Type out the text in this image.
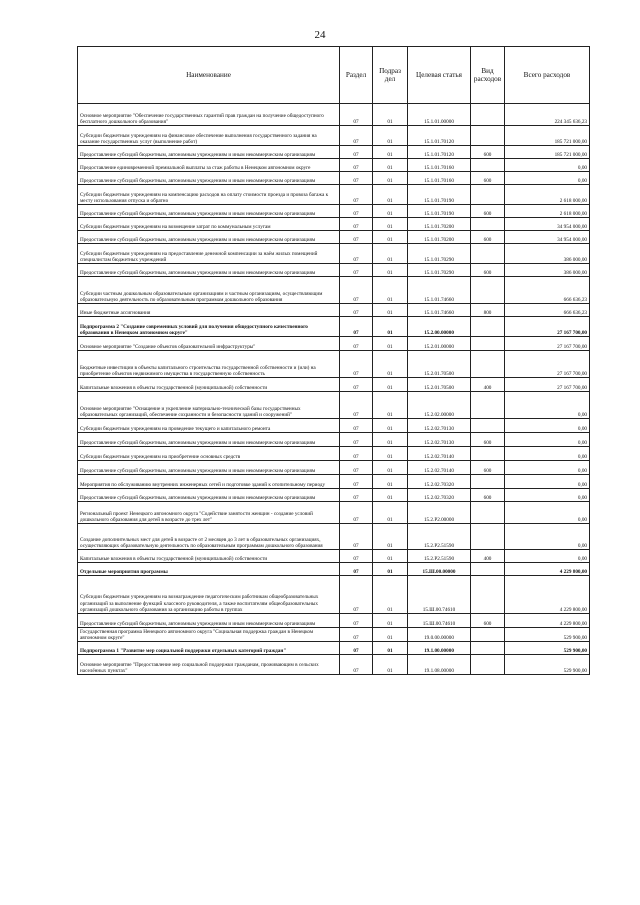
24
Наименование	Раздел	Подраз дел	Целевая статья	Вид расходов	Всего расходов
Основное мероприятие "Обеспечение государственных гарантий прав граждан на получение общедоступного бесплатного дошкольного образования"	07	01	15.1.01.00000		224 345 636,23
Субсидии бюджетным учреждениям на финансовое обеспечение выполнения государственного задания на оказание государственных услуг (выполнение работ)	07	01	15.1.01.70120		185 721 000,00
Предоставление субсидий бюджетным, автономным учреждениям и иным некоммерческим организациям	07	01	15.1.01.70120	600	185 721 000,00
Предоставление единовременной премиальной выплаты за стаж работы в Ненецком автономном округе	07	01	15.1.01.70160		0,00
Предоставление субсидий бюджетным, автономным учреждениям и иным некоммерческим организациям	07	01	15.1.01.70160	600	0,00
Субсидии бюджетным учреждениям на компенсацию расходов на оплату стоимости проезда и провоза багажа к месту использования отпуска и обратно	07	01	15.1.01.70190		2 618 000,00
Предоставление субсидий бюджетным, автономным учреждениям и иным некоммерческим организациям	07	01	15.1.01.70190	600	2 618 000,00
Субсидии бюджетным учреждениям на возмещение затрат по коммунальным услугам	07	01	15.1.01.70200		34 954 000,00
Предоставление субсидий бюджетным, автономным учреждениям и иным некоммерческим организациям	07	01	15.1.01.70200	600	34 954 000,00
Субсидии бюджетным учреждениям на предоставление денежной компенсации за наём жилых помещений специалистам бюджетных учреждений	07	01	15.1.01.70290		386 000,00
Предоставление субсидий бюджетным, автономным учреждениям и иным некоммерческим организациям	07	01	15.1.01.70290	600	386 000,00
Субсидии частным дошкольным образовательным организациям и частным организациям, осуществляющим образовательную деятельность по образовательным программам дошкольного образования	07	01	15.1.01.74660		666 636,23
Иные бюджетные ассигнования	07	01	15.1.01.74660	800	666 636,23
Подпрограмма 2 "Создание современных условий для получения общедоступного качественного образования в Ненецком автономном округе"	07	01	15.2.00.00000		27 167 700,00
Основное мероприятие "Создание объектов образовательной инфраструктуры"	07	01	15.2.01.00000		27 167 700,00
Бюджетные инвестиции в объекты капитального строительства государственной собственности и (или) на приобретение объектов недвижимого имущества в государственную собственность	07	01	15.2.01.70500		27 167 700,00
Капитальные вложения в объекты государственной (муниципальной) собственности	07	01	15.2.01.70500	400	27 167 700,00
Основное мероприятие "Оснащение и укрепление материально-технической базы государственных образовательных организаций, обеспечение сохранности и безопасности зданий и сооружений"	07	01	15.2.02.00000		0,00
Субсидии бюджетным учреждениям на проведение текущего и капитального ремонта	07	01	15.2.02.70130		0,00
Предоставление субсидий бюджетным, автономным учреждениям и иным некоммерческим организациям	07	01	15.2.02.70130	600	0,00
Субсидии бюджетным учреждениям на приобретение основных средств	07	01	15.2.02.70140		0,00
Предоставление субсидий бюджетным, автономным учреждениям и иным некоммерческим организациям	07	01	15.2.02.70140	600	0,00
Мероприятия по обслуживанию внутренних инженерных сетей и подготовке зданий к отопительному периоду	07	01	15.2.02.70320		0,00
Предоставление субсидий бюджетным, автономным учреждениям и иным некоммерческим организациям	07	01	15.2.02.70320	600	0,00
Региональный проект Ненецкого автономного округа "Содействие занятости женщин - создание условий дошкольного образования для детей в возрасте до трех лет"	07	01	15.2.P2.00000		0,00
Создание дополнительных мест для детей в возрасте от 2 месяцев до 3 лет в образовательных организациях, осуществляющих образовательную деятельность по образовательным программам дошкольного образования	07	01	15.2.P2.51590		0,00
Капитальные вложения в объекты государственной (муниципальной) собственности	07	01	15.2.P2.51590	400	0,00
Отдельные мероприятия программы	07	01	15.Ш.00.00000		4 229 800,00
Субсидии бюджетным учреждениям на вознаграждение педагогическим работникам общеобразовательных организаций за выполнение функций классного руководителя, а также воспитателям общеобразовательных организаций дошкольного образования за организацию работы в группах	07	01	15.Ш.00.74610		4 229 800,00
Предоставление субсидий бюджетным, автономным учреждениям и иным некоммерческим организациям	07	01	15.Ш.00.74610	600	4 229 800,00
Государственная программа Ненецкого автономного округа "Социальная поддержка граждан в Ненецком автономном округе"	07	01	19.0.00.00000		529 900,00
Подпрограмма 1 "Развитие мер социальной поддержки отдельных категорий граждан"	07	01	19.1.00.00000		529 900,00
Основное мероприятие "Предоставление мер социальной поддержки гражданам, проживающим в сельских населённых пунктах"	07	01	19.1.08.00000		529 900,00
